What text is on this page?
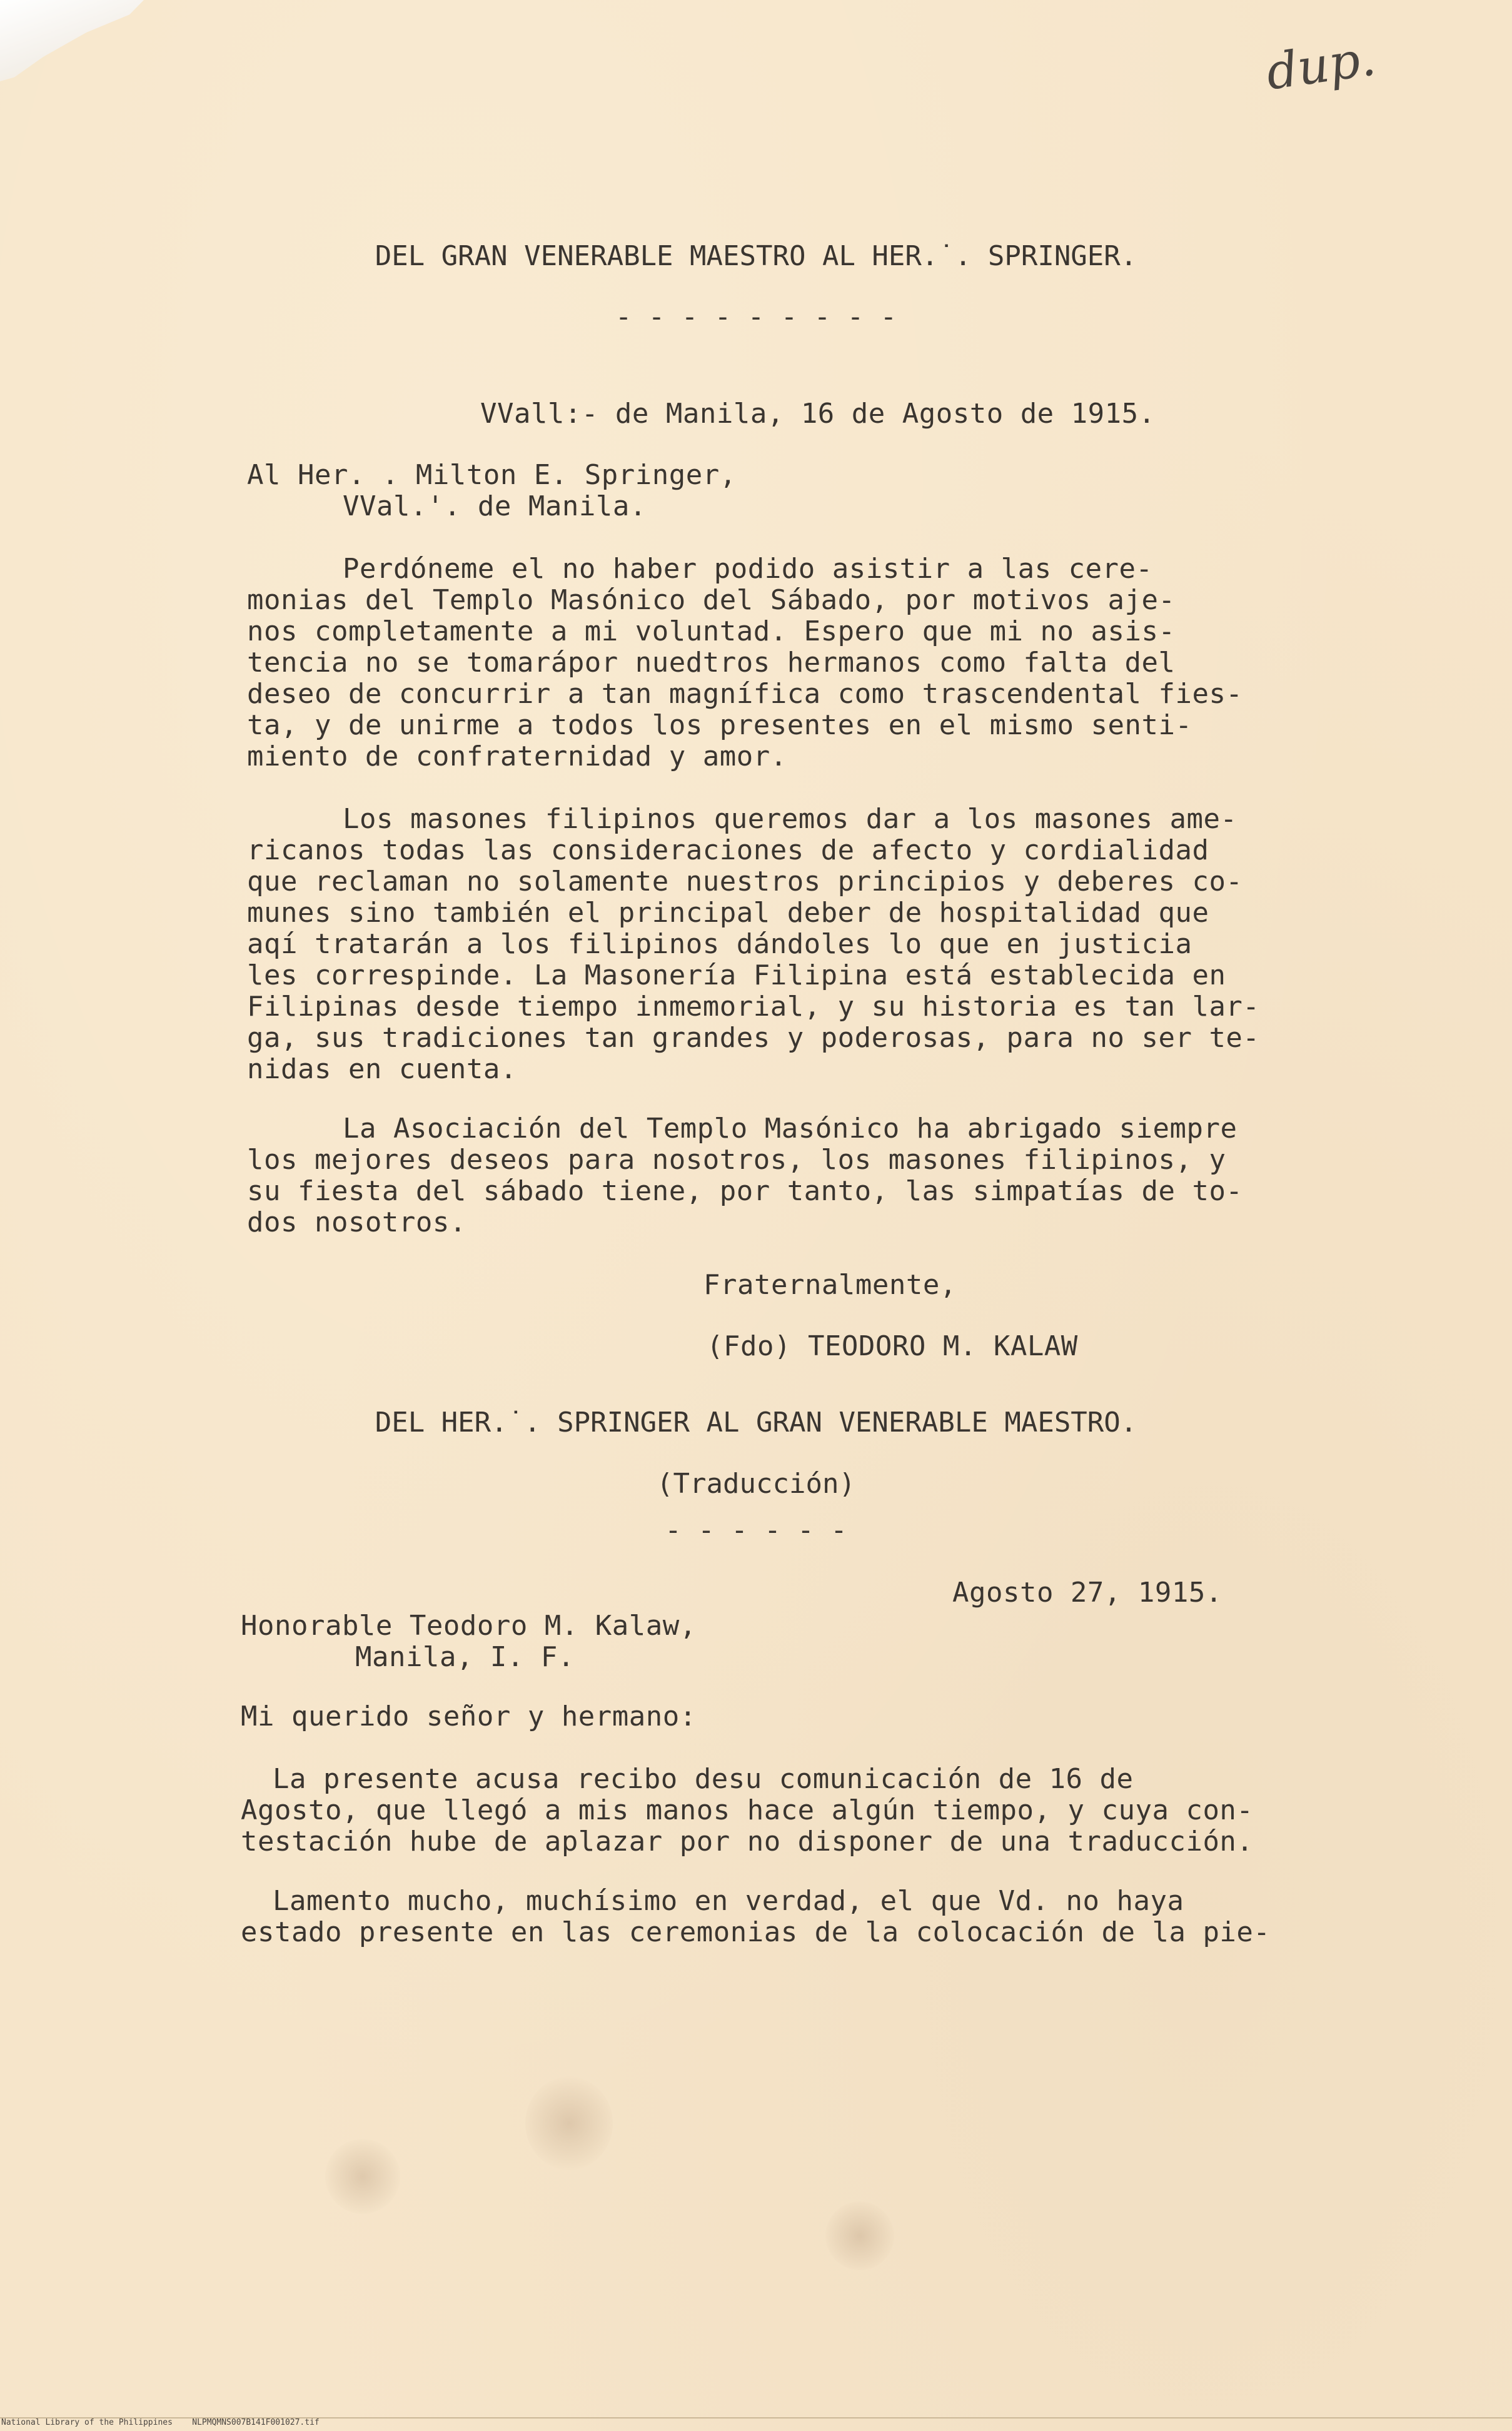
dup.
DEL GRAN VENERABLE MAESTRO AL HER.˙. SPRINGER.
- - - - - - - - -
VVall:- de Manila, 16 de Agosto de 1915.
Al Her. . Milton E. Springer,
VVal.'. de Manila.
Perdóneme el no haber podido asistir a las cere-
monias del Templo Masónico del Sábado, por motivos aje-
nos completamente a mi voluntad. Espero que mi no asis-
tencia no se tomarápor nuedtros hermanos como falta del
deseo de concurrir a tan magnífica como trascendental fies-
ta, y de unirme a todos los presentes en el mismo senti-
miento de confraternidad y amor.
Los masones filipinos queremos dar a los masones ame-
ricanos todas las consideraciones de afecto y cordialidad
que reclaman no solamente nuestros principios y deberes co-
munes sino también el principal deber de hospitalidad que
aqí tratarán a los filipinos dándoles lo que en justicia
les correspinde. La Masonería Filipina está establecida en
Filipinas desde tiempo inmemorial, y su historia es tan lar-
ga, sus tradiciones tan grandes y poderosas, para no ser te-
nidas en cuenta.
La Asociación del Templo Masónico ha abrigado siempre
los mejores deseos para nosotros, los masones filipinos, y
su fiesta del sábado tiene, por tanto, las simpatías de to-
dos nosotros.
Fraternalmente,
(Fdo) TEODORO M. KALAW
DEL HER.˙. SPRINGER AL GRAN VENERABLE MAESTRO.
(Traducción)
- - - - - -
Agosto 27, 1915.
Honorable Teodoro M. Kalaw,
Manila, I. F.
Mi querido señor y hermano:
La presente acusa recibo desu comunicación de 16 de
Agosto, que llegó a mis manos hace algún tiempo, y cuya con-
testación hube de aplazar por no disponer de una traducción.
Lamento mucho, muchísimo en verdad, el que Vd. no haya
estado presente en las ceremonias de la colocación de la pie-
National Library of the Philippines NLPMQMNS007B141F001027.tif
